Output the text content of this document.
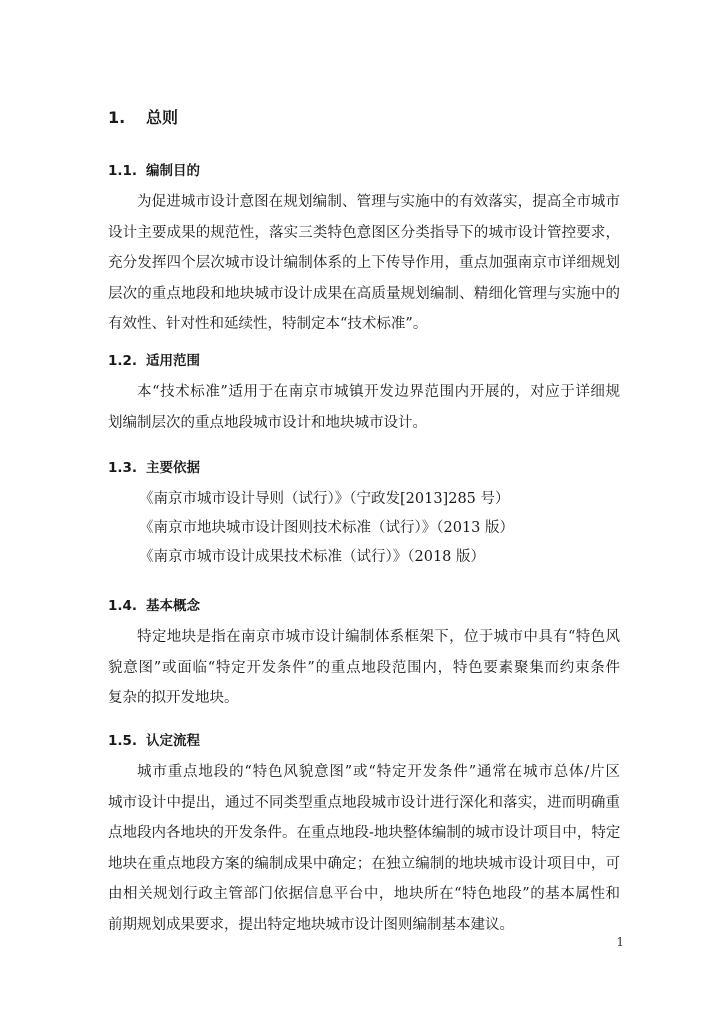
1. 总则
1.1. 编制目的
为促进城市设计意图在规划编制、管理与实施中的有效落实，提高全市城市
设计主要成果的规范性，落实三类特色意图区分类指导下的城市设计管控要求，
充分发挥四个层次城市设计编制体系的上下传导作用，重点加强南京市详细规划
层次的重点地段和地块城市设计成果在高质量规划编制、精细化管理与实施中的
有效性、针对性和延续性，特制定本“技术标准”。
1.2. 适用范围
本“技术标准”适用于在南京市城镇开发边界范围内开展的，对应于详细规
划编制层次的重点地段城市设计和地块城市设计。
1.3. 主要依据
《南京市城市设计导则（试行）》（宁政发[2013]285 号）
《南京市地块城市设计图则技术标准（试行）》（2013 版）
《南京市城市设计成果技术标准（试行）》（2018 版）
1.4. 基本概念
特定地块是指在南京市城市设计编制体系框架下，位于城市中具有“特色风
貌意图”或面临“特定开发条件”的重点地段范围内，特色要素聚集而约束条件
复杂的拟开发地块。
1.5. 认定流程
城市重点地段的“特色风貌意图”或“特定开发条件”通常在城市总体/片区
城市设计中提出，通过不同类型重点地段城市设计进行深化和落实，进而明确重
点地段内各地块的开发条件。在重点地段-地块整体编制的城市设计项目中，特定
地块在重点地段方案的编制成果中确定；在独立编制的地块城市设计项目中，可
由相关规划行政主管部门依据信息平台中，地块所在“特色地段”的基本属性和
前期规划成果要求，提出特定地块城市设计图则编制基本建议。
1
